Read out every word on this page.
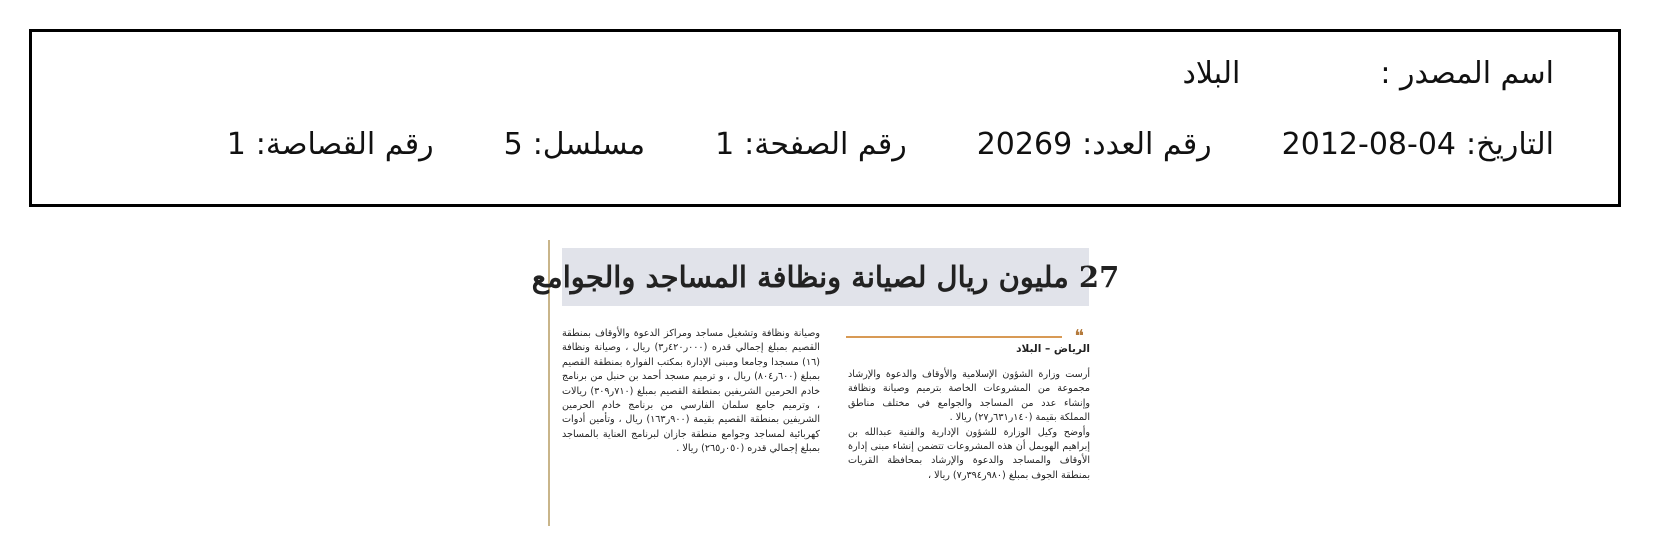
اسم المصدر :
البلاد
التاريخ:
2012-08-04
رقم العدد:
20269
رقم الصفحة:
1
مسلسل:
5
رقم القصاصة:
1
27 مليون ريال لصيانة ونظافة المساجد والجوامع
❝
الرياض – البلاد

أرست وزارة الشؤون الإسلامية والأوقاف والدعوة والإرشاد مجموعة من المشروعات الخاصة بترميم وصيانة ونظافة وإنشاء عدد من المساجد والجوامع في مختلف مناطق المملكة بقيمة (١٤٠ر٦٣١ر٢٧) ريالا .

وأوضح وكيل الوزارة للشؤون الإدارية والفنية عبدالله بن إبراهيم الهويمل أن هذه المشروعات تتضمن إنشاء مبنى إدارة الأوقاف والمساجد والدعوة والإرشاد بمحافظة القريات بمنطقة الجوف بمبلغ (٩٨٠ر٣٩٤ر٧) ريالا ،

وصيانة ونظافة وتشغيل مساجد ومراكز الدعوة والأوقاف بمنطقة القصيم بمبلغ إجمالي قدره (٠٠٠ر٤٢٠ر٣) ريال ، وصيانة ونظافة (١٦) مسجدا وجامعا ومبنى الإدارة بمكتب الفوارة بمنطقة القصيم بمبلغ (٦٠٠ر٨٠٤) ريال ، و ترميم مسجد أحمد بن حنبل من برنامج خادم الحرمين الشريفين بمنطقة القصيم بمبلغ (٧١٠ر٣٠٩) ريالات ، وترميم جامع سلمان الفارسي من برنامج خادم الحرمين الشريفين بمنطقة القصيم بقيمة (٩٠٠ر١٦٣) ريال ، وتأمين أدوات كهربائية لمساجد وجوامع منطقة جازان لبرنامج العناية بالمساجد بمبلغ إجمالي قدره (٠٥٠ر٢٦٥) ريالا .
